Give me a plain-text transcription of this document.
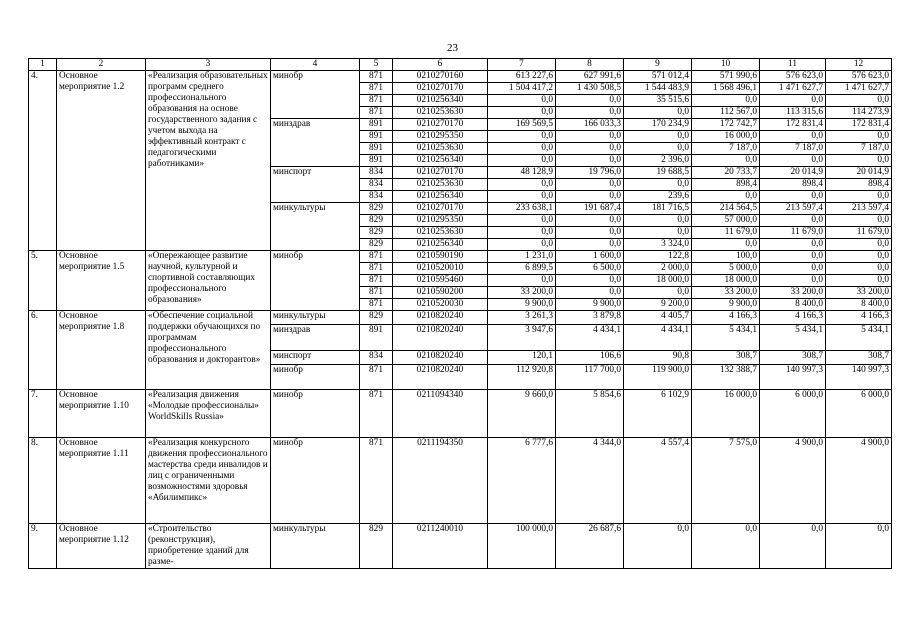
23
1	2	3	4	5	6	7	8	9	10	11	12
4.	Основное мероприятие 1.2	«Реализация образовательных программ среднего профессионального образования на основе государственного задания с учетом выхода на эффективный контракт с педагогическими работниками»	минобр	871	0210270160	613 227,6	627 991,6	571 012,4	571 990,6	576 623,0	576 623,0
				871	0210270170	1 504 417,2	1 430 508,5	1 544 483,9	1 568 496,1	1 471 627,7	1 471 627,7
				871	0210256340	0,0	0,0	35 515,6	0,0	0,0	0,0
				871	0210253630	0,0	0,0	0,0	112 567,0	113 315,6	114 273,9
			минздрав	891	0210270170	169 569,5	166 033,3	170 234,9	172 742,7	172 831,4	172 831,4
				891	0210295350	0,0	0,0	0,0	16 000,0	0,0	0,0
				891	0210253630	0,0	0,0	0,0	7 187,0	7 187,0	7 187,0
				891	0210256340	0,0	0,0	2 396,0	0,0	0,0	0,0
			минспорт	834	0210270170	48 128,9	19 796,0	19 688,5	20 733,7	20 014,9	20 014,9
				834	0210253630	0,0	0,0	0,0	898,4	898,4	898,4
				834	0210256340	0,0	0,0	239,6	0,0	0,0	0,0
			минкультуры	829	0210270170	233 638,1	191 687,4	181 716,5	214 564,5	213 597,4	213 597,4
				829	0210295350	0,0	0,0	0,0	57 000,0	0,0	0,0
				829	0210253630	0,0	0,0	0,0	11 679,0	11 679,0	11 679,0
				829	0210256340	0,0	0,0	3 324,0	0,0	0,0	0,0
5.	Основное мероприятие 1.5	«Опережающее развитие научной, культурной и спортивной составляющих профессионального образования»	минобр	871	0210590190	1 231,0	1 600,0	122,8	100,0	0,0	0,0
				871	0210520010	6 899,5	6 500,0	2 000,0	5 000,0	0,0	0,0
				871	0210595460	0,0	0,0	18 000,0	18 000,0	0,0	0,0
				871	0210590200	33 200,0	0,0	0,0	33 200,0	33 200,0	33 200,0
				871	0210520030	9 900,0	9 900,0	9 200,0	9 900,0	8 400,0	8 400,0
6.	Основное мероприятие 1.8	«Обеспечение социальной поддержки обучающихся по программам профессионального образования и докторантов»	минкультуры	829	0210820240	3 261,3	3 879,8	4 405,7	4 166,3	4 166,3	4 166,3
			минздрав	891	0210820240	3 947,6	4 434,1	4 434,1	5 434,1	5 434,1	5 434,1
			минспорт	834	0210820240	120,1	106,6	90,8	308,7	308,7	308,7
			минобр	871	0210820240	112 920,8	117 700,0	119 900,0	132 388,7	140 997,3	140 997,3
7.	Основное мероприятие 1.10	«Реализация движения «Молодые профессионалы» WorldSkills Russia»	минобр	871	0211094340	9 660,0	5 854,6	6 102,9	16 000,0	6 000,0	6 000,0
8.	Основное мероприятие 1.11	«Реализация конкурсного движения профессионального мастерства среди инвалидов и лиц с ограниченными возможностями здоровья «Абилимпикс»	минобр	871	0211194350	6 777,6	4 344,0	4 557,4	7 575,0	4 900,0	4 900,0
9.	Основное мероприятие 1.12	«Строительство (реконструкция), приобретение зданий для разме-	минкультуры	829	0211240010	100 000,0	26 687,6	0,0	0,0	0,0	0,0
